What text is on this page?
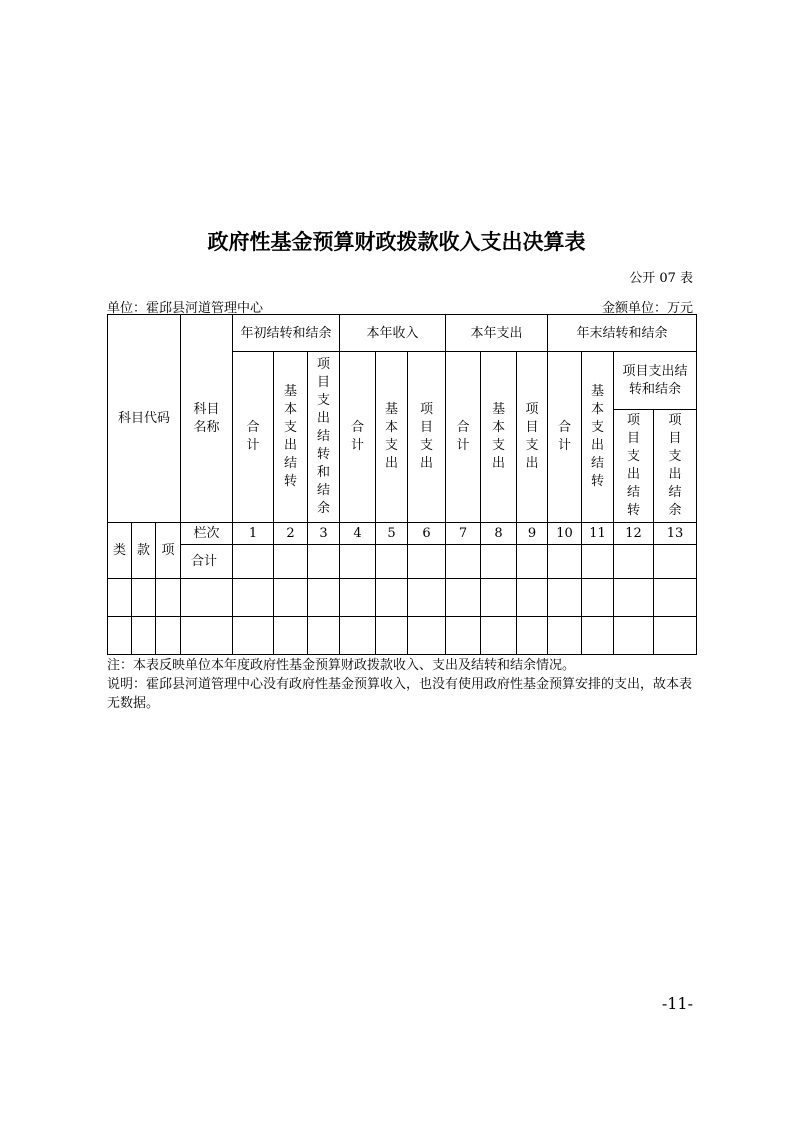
政府性基金预算财政拨款收入支出决算表
公开 07 表
单位：霍邱县河道管理中心	金额单位：万元
科目代码			科目名称	年初结转和结余			本年收入			本年支出			年末结转和结余			
				合计	基本支出结转	项目支出结转和结余	合计	基本支出	项目支出	合计	基本支出	项目支出	合计	基本支出结转	项目支出结转和结余	
															项目支出结转	项目支出结余
类	款	项	栏次	1	2	3	4	5	6	7	8	9	10	11	12	13
			合计													

注：本表反映单位本年度政府性基金预算财政拨款收入、支出及结转和结余情况。

说明：霍邱县河道管理中心没有政府性基金预算收入，也没有使用政府性基金预算安排的支出，故本表无数据。

-11-
